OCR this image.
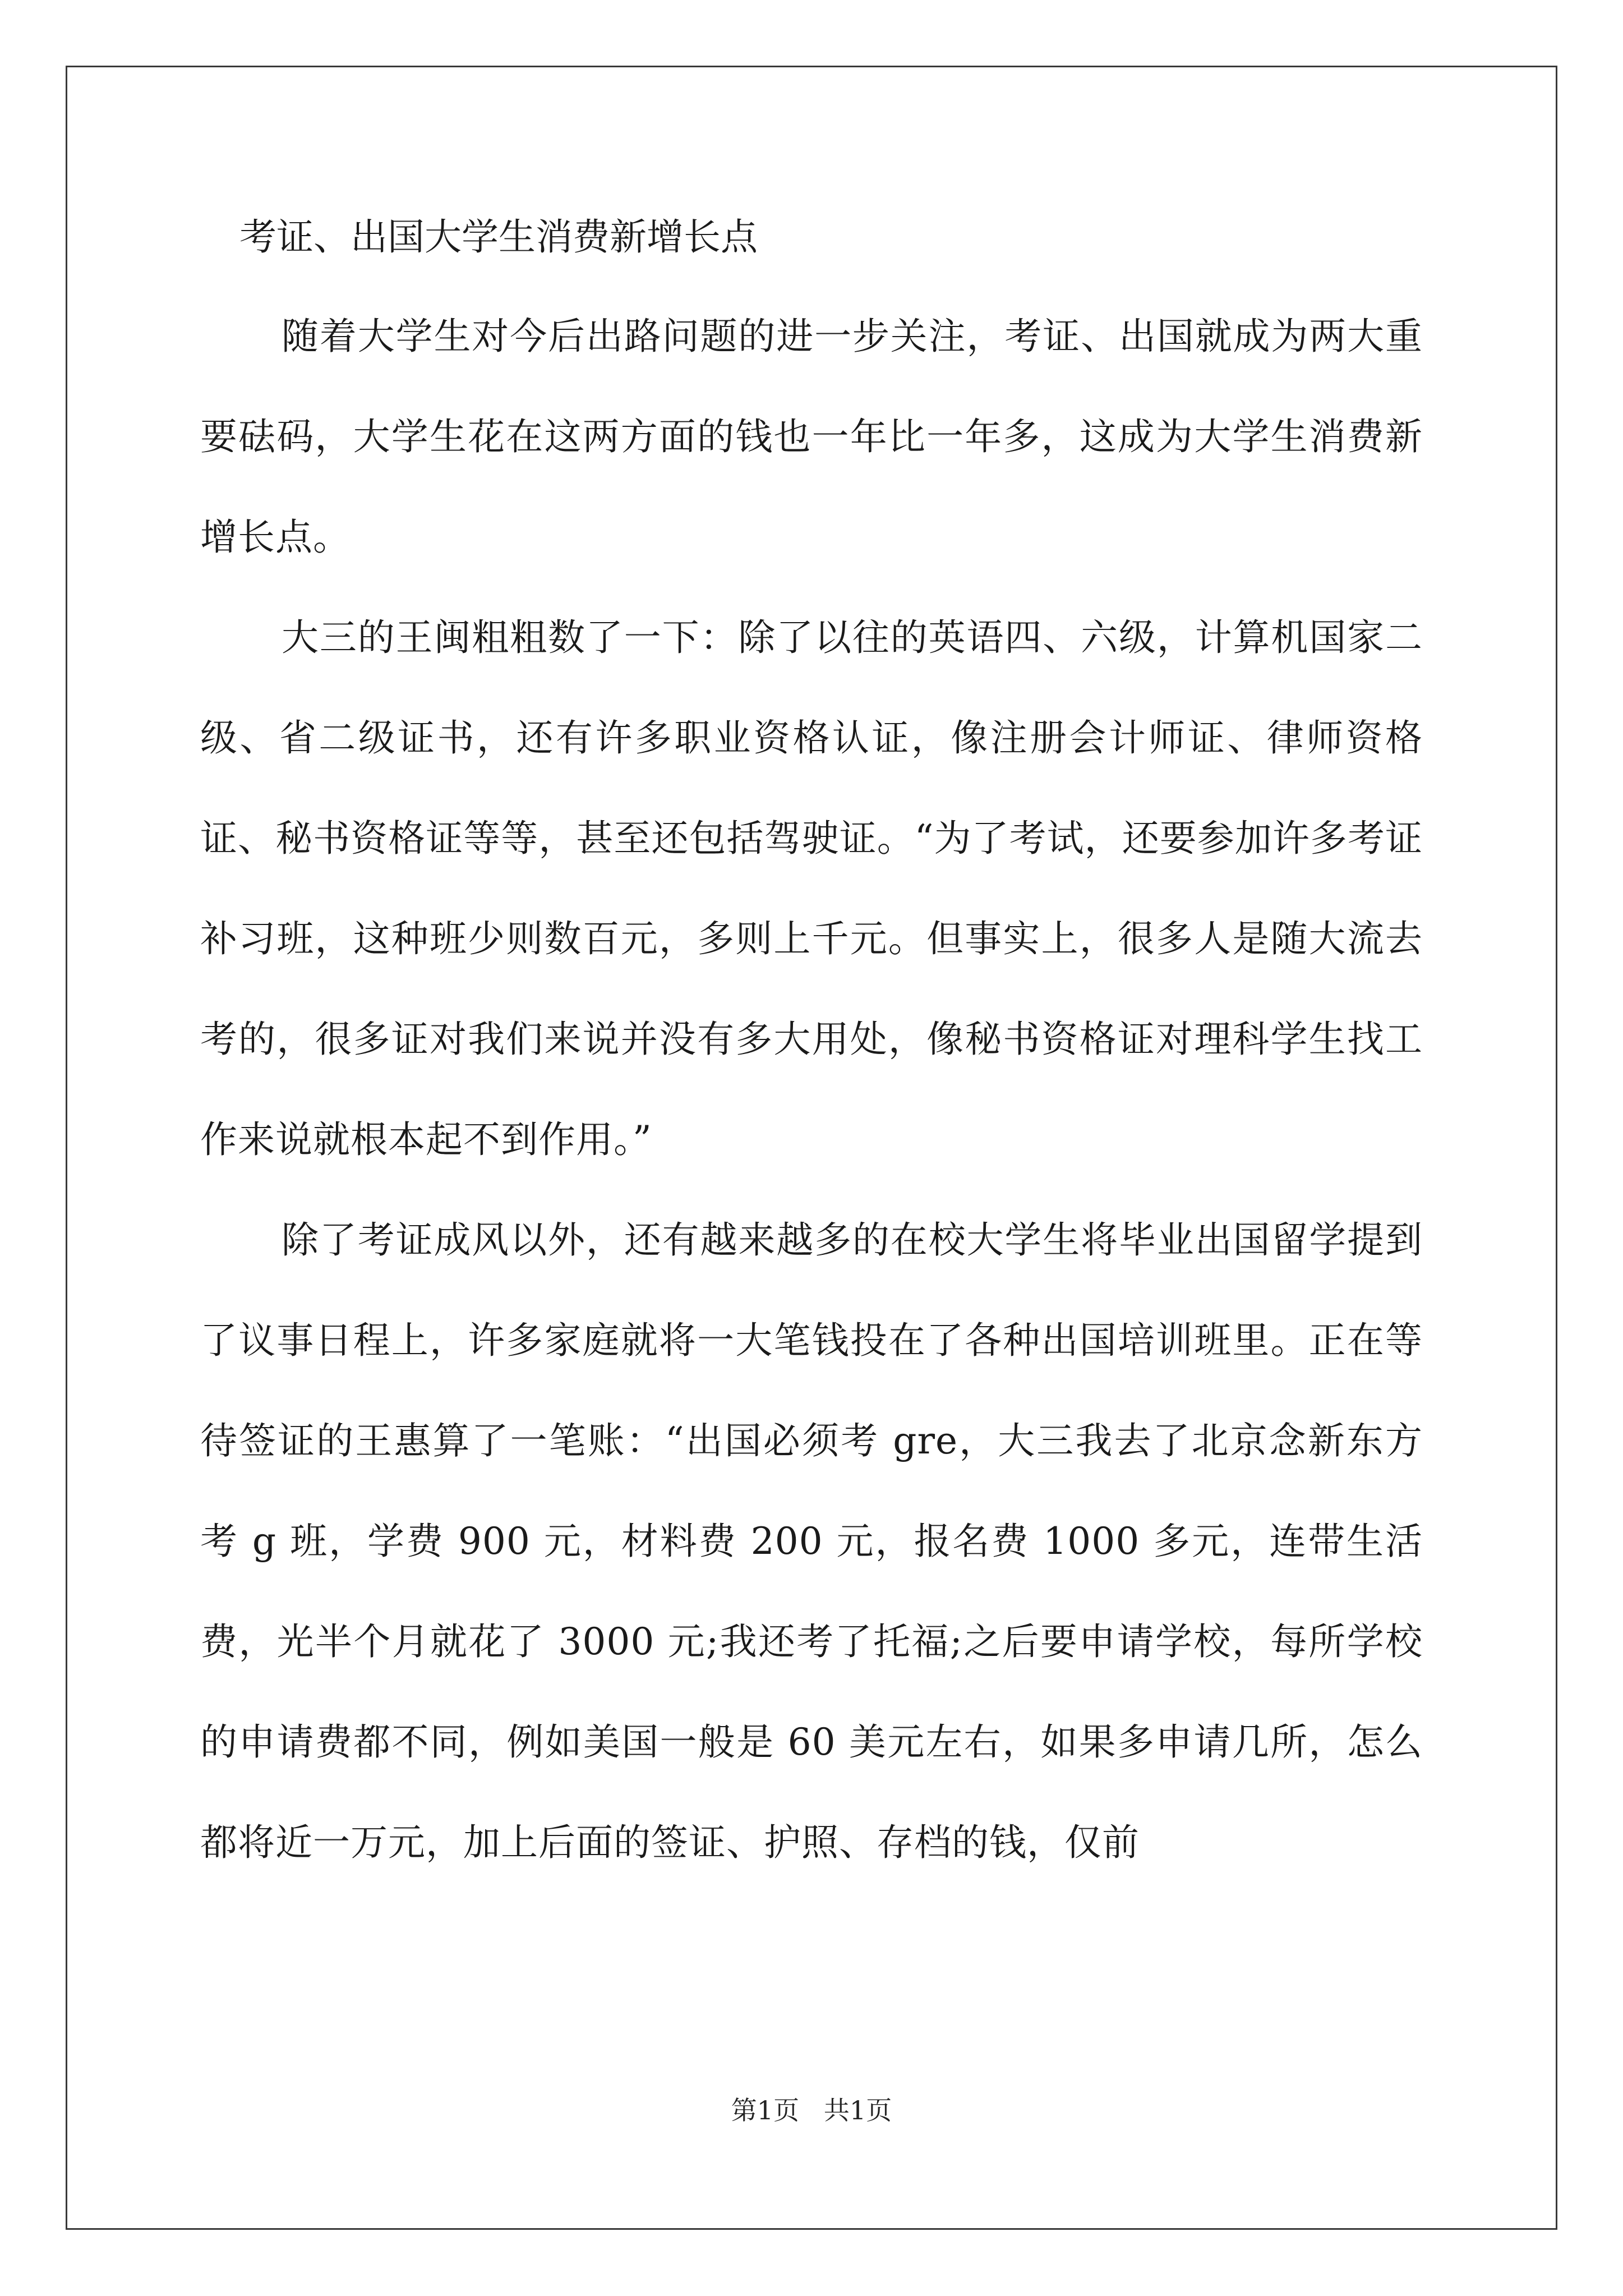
考证、出国大学生消费新增长点

随着大学生对今后出路问题的进一步关注，考证、出国就成为两大重要砝码，大学生花在这两方面的钱也一年比一年多，这成为大学生消费新增长点。

大三的王闽粗粗数了一下：除了以往的英语四、六级，计算机国家二级、省二级证书，还有许多职业资格认证，像注册会计师证、律师资格证、秘书资格证等等，甚至还包括驾驶证。“为了考试，还要参加许多考证补习班，这种班少则数百元，多则上千元。但事实上，很多人是随大流去考的，很多证对我们来说并没有多大用处，像秘书资格证对理科学生找工作来说就根本起不到作用。”

除了考证成风以外，还有越来越多的在校大学生将毕业出国留学提到了议事日程上，许多家庭就将一大笔钱投在了各种出国培训班里。正在等待签证的王惠算了一笔账：“出国必须考 gre，大三我去了北京念新东方考 g 班，学费 900 元，材料费 200 元，报名费 1000 多元，连带生活费，光半个月就花了 3000 元;我还考了托福;之后要申请学校，每所学校的申请费都不同，例如美国一般是 60 美元左右，如果多申请几所，怎么都将近一万元，加上后面的签证、护照、存档的钱，仅前

第1页   共1页
